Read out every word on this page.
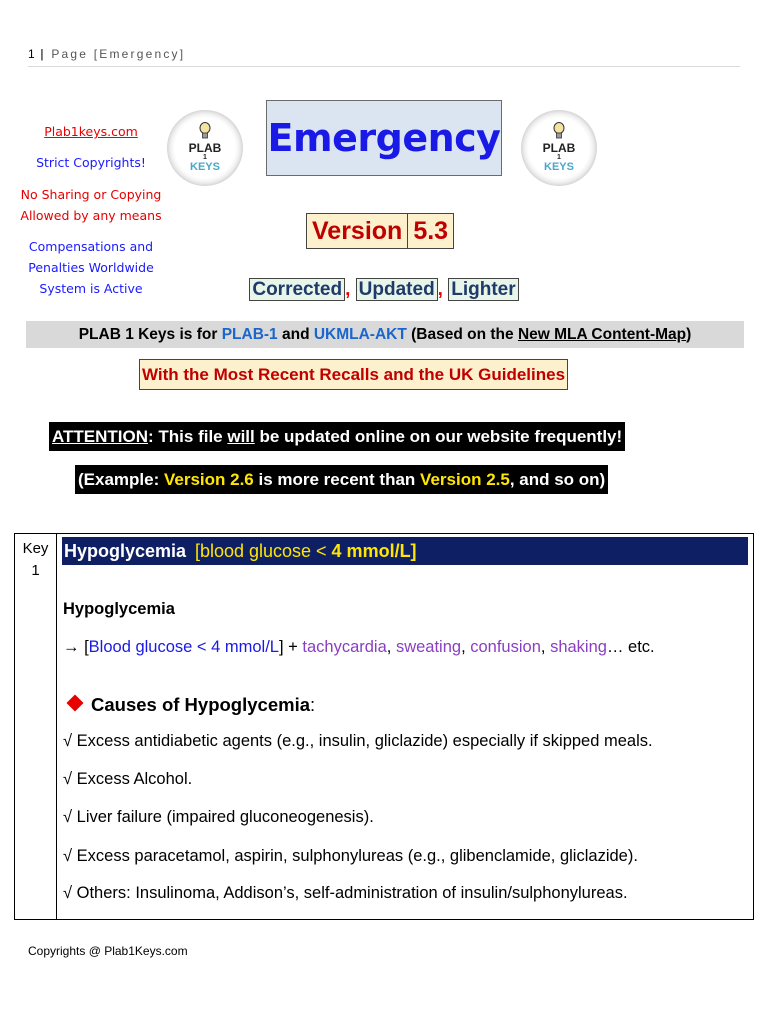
1 | Page [Emergency]
Plab1keys.com
Strict Copyrights!
No Sharing or Copying
Allowed by any means
Compensations and
Penalties Worldwide
System is Active
PLAB
1
KEYS
PLAB
1
KEYS
Emergency
Version 5.3
Corrected , Updated , Lighter
PLAB 1 Keys is for PLAB-1 and UKMLA-AKT (Based on the New MLA Content-Map)
With the Most Recent Recalls and the UK Guidelines
ATTENTION: This file will be updated online on our website frequently!
(Example: Version 2.6 is more recent than Version 2.5, and so on)
Key
1
Hypoglycemia [blood glucose < 4 mmol/L]
Hypoglycemia
→ [Blood glucose < 4 mmol/L] + tachycardia, sweating, confusion, shaking… etc.
Causes of Hypoglycemia:
√ Excess antidiabetic agents (e.g., insulin, gliclazide) especially if skipped meals.
√ Excess Alcohol.
√ Liver failure (impaired gluconeogenesis).
√ Excess paracetamol, aspirin, sulphonylureas (e.g., glibenclamide, gliclazide).
√ Others: Insulinoma, Addison’s, self-administration of insulin/sulphonylureas.
Copyrights @ Plab1Keys.com
